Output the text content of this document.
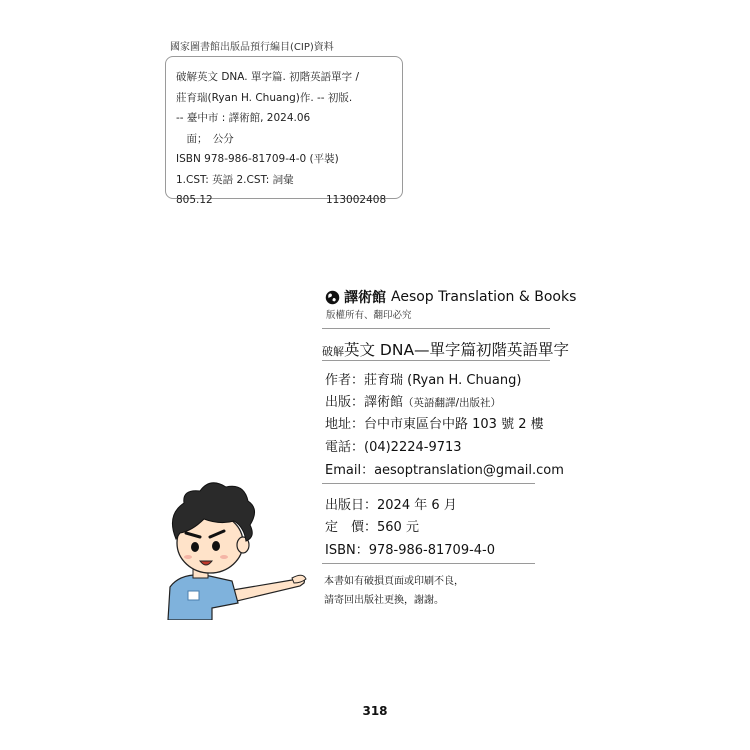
國家圖書館出版品預行編目(CIP)資料
破解英文 DNA. 單字篇. 初階英語單字 /
莊育瑞(Ryan H. Chuang)作. -- 初版.
-- 臺中市 : 譯術館, 2024.06
　面；　公分
ISBN 978-986-81709-4-0 (平裝)
1.CST: 英語 2.CST: 詞彙
805.12	113002408
譯術館 Aesop Translation & Books
版權所有、翻印必究
破解英文 DNA—單字篇初階英語單字
作者：莊育瑞 (Ryan H. Chuang)
出版：譯術館（英語翻譯/出版社）
地址：台中市東區台中路 103 號 2 樓
電話：(04)2224-9713
Email：aesoptranslation@gmail.com
出版日：2024 年 6 月
定　價：560 元
ISBN：978-986-81709-4-0
本書如有破損頁面或印刷不良，
請寄回出版社更換，謝謝。
318
